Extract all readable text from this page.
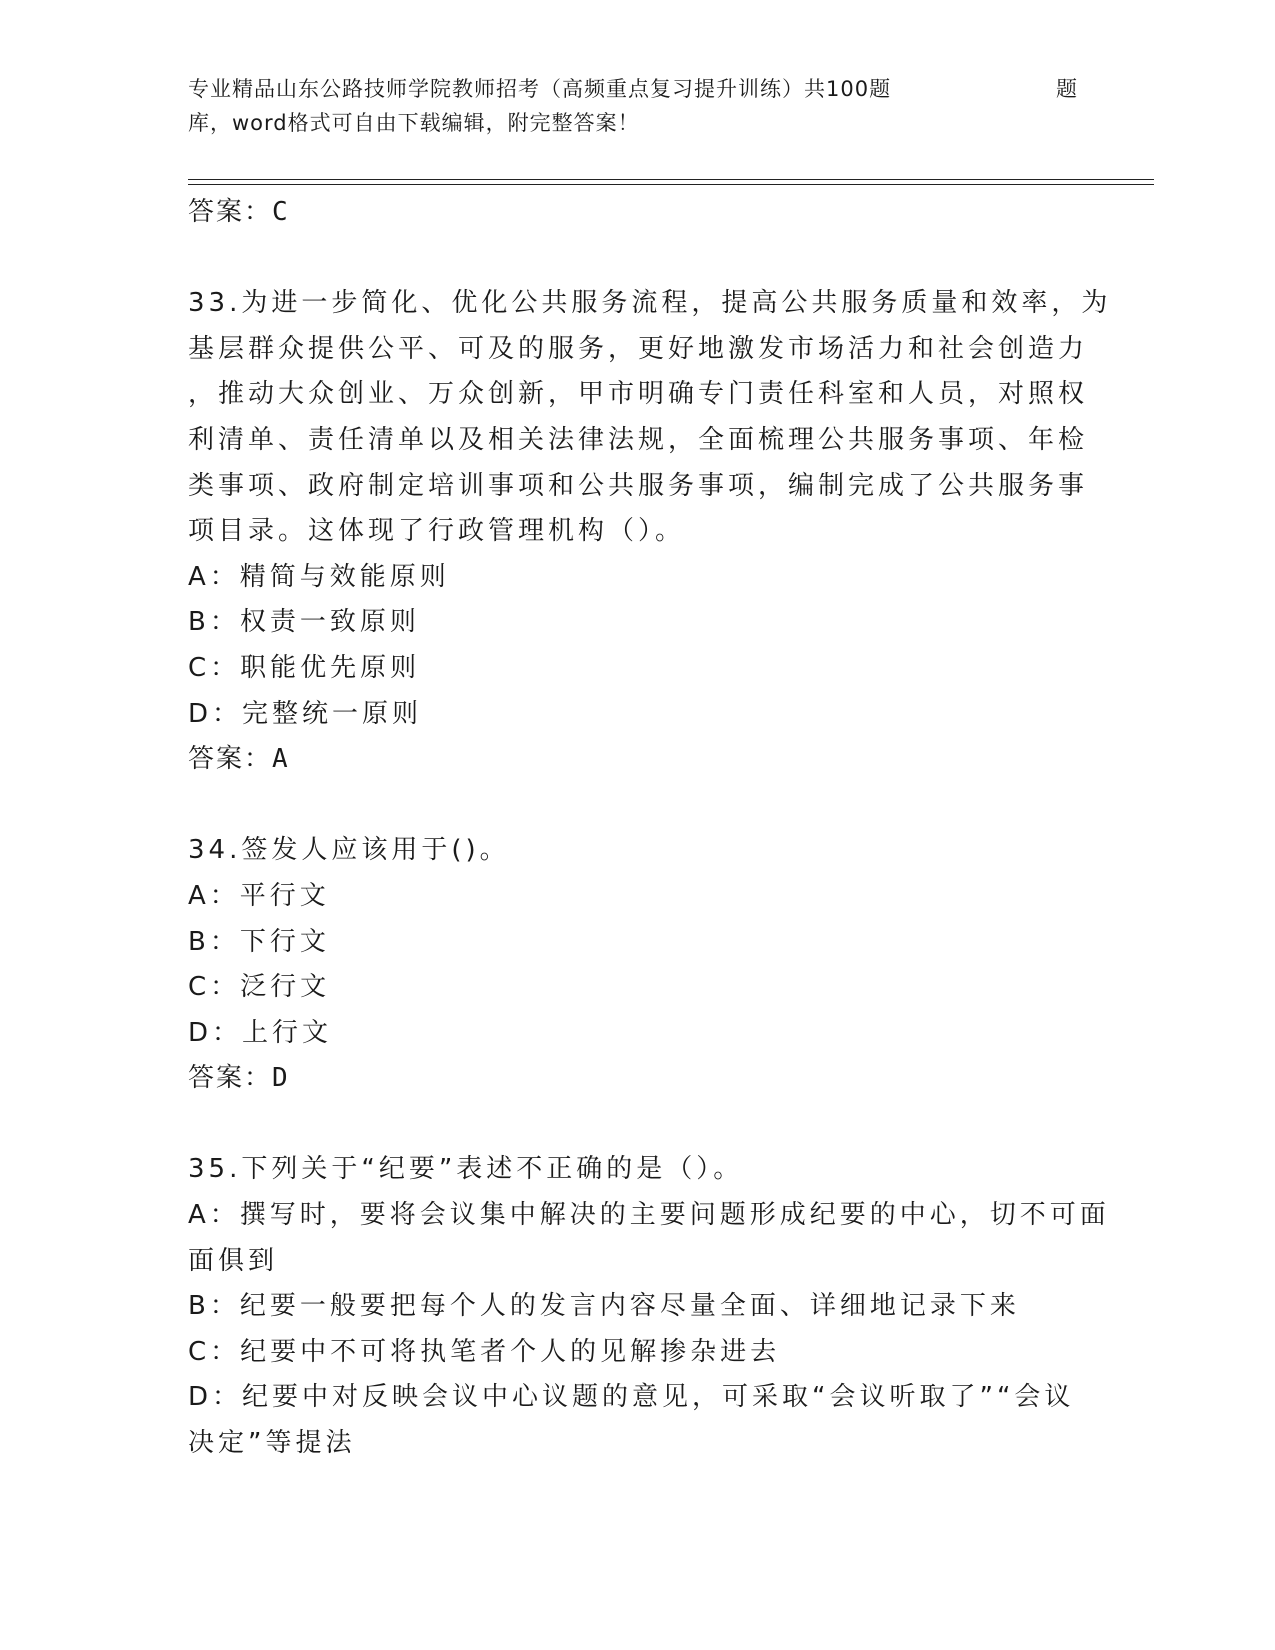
专业精品山东公路技师学院教师招考（高频重点复习提升训练）共100题	题
库，word格式可自由下载编辑，附完整答案！
答案：C
33.为进一步简化、优化公共服务流程，提高公共服务质量和效率，为
基层群众提供公平、可及的服务，更好地激发市场活力和社会创造力
，推动大众创业、万众创新，甲市明确专门责任科室和人员，对照权
利清单、责任清单以及相关法律法规，全面梳理公共服务事项、年检
类事项、政府制定培训事项和公共服务事项，编制完成了公共服务事
项目录。这体现了行政管理机构（）。
A：精简与效能原则
B：权责一致原则
C：职能优先原则
D：完整统一原则
答案：A
34.签发人应该用于()。
A：平行文
B：下行文
C：泛行文
D：上行文
答案：D
35.下列关于“纪要”表述不正确的是（）。
A：撰写时，要将会议集中解决的主要问题形成纪要的中心，切不可面
面俱到
B：纪要一般要把每个人的发言内容尽量全面、详细地记录下来
C：纪要中不可将执笔者个人的见解掺杂进去
D：纪要中对反映会议中心议题的意见，可采取“会议听取了”“会议
决定”等提法
